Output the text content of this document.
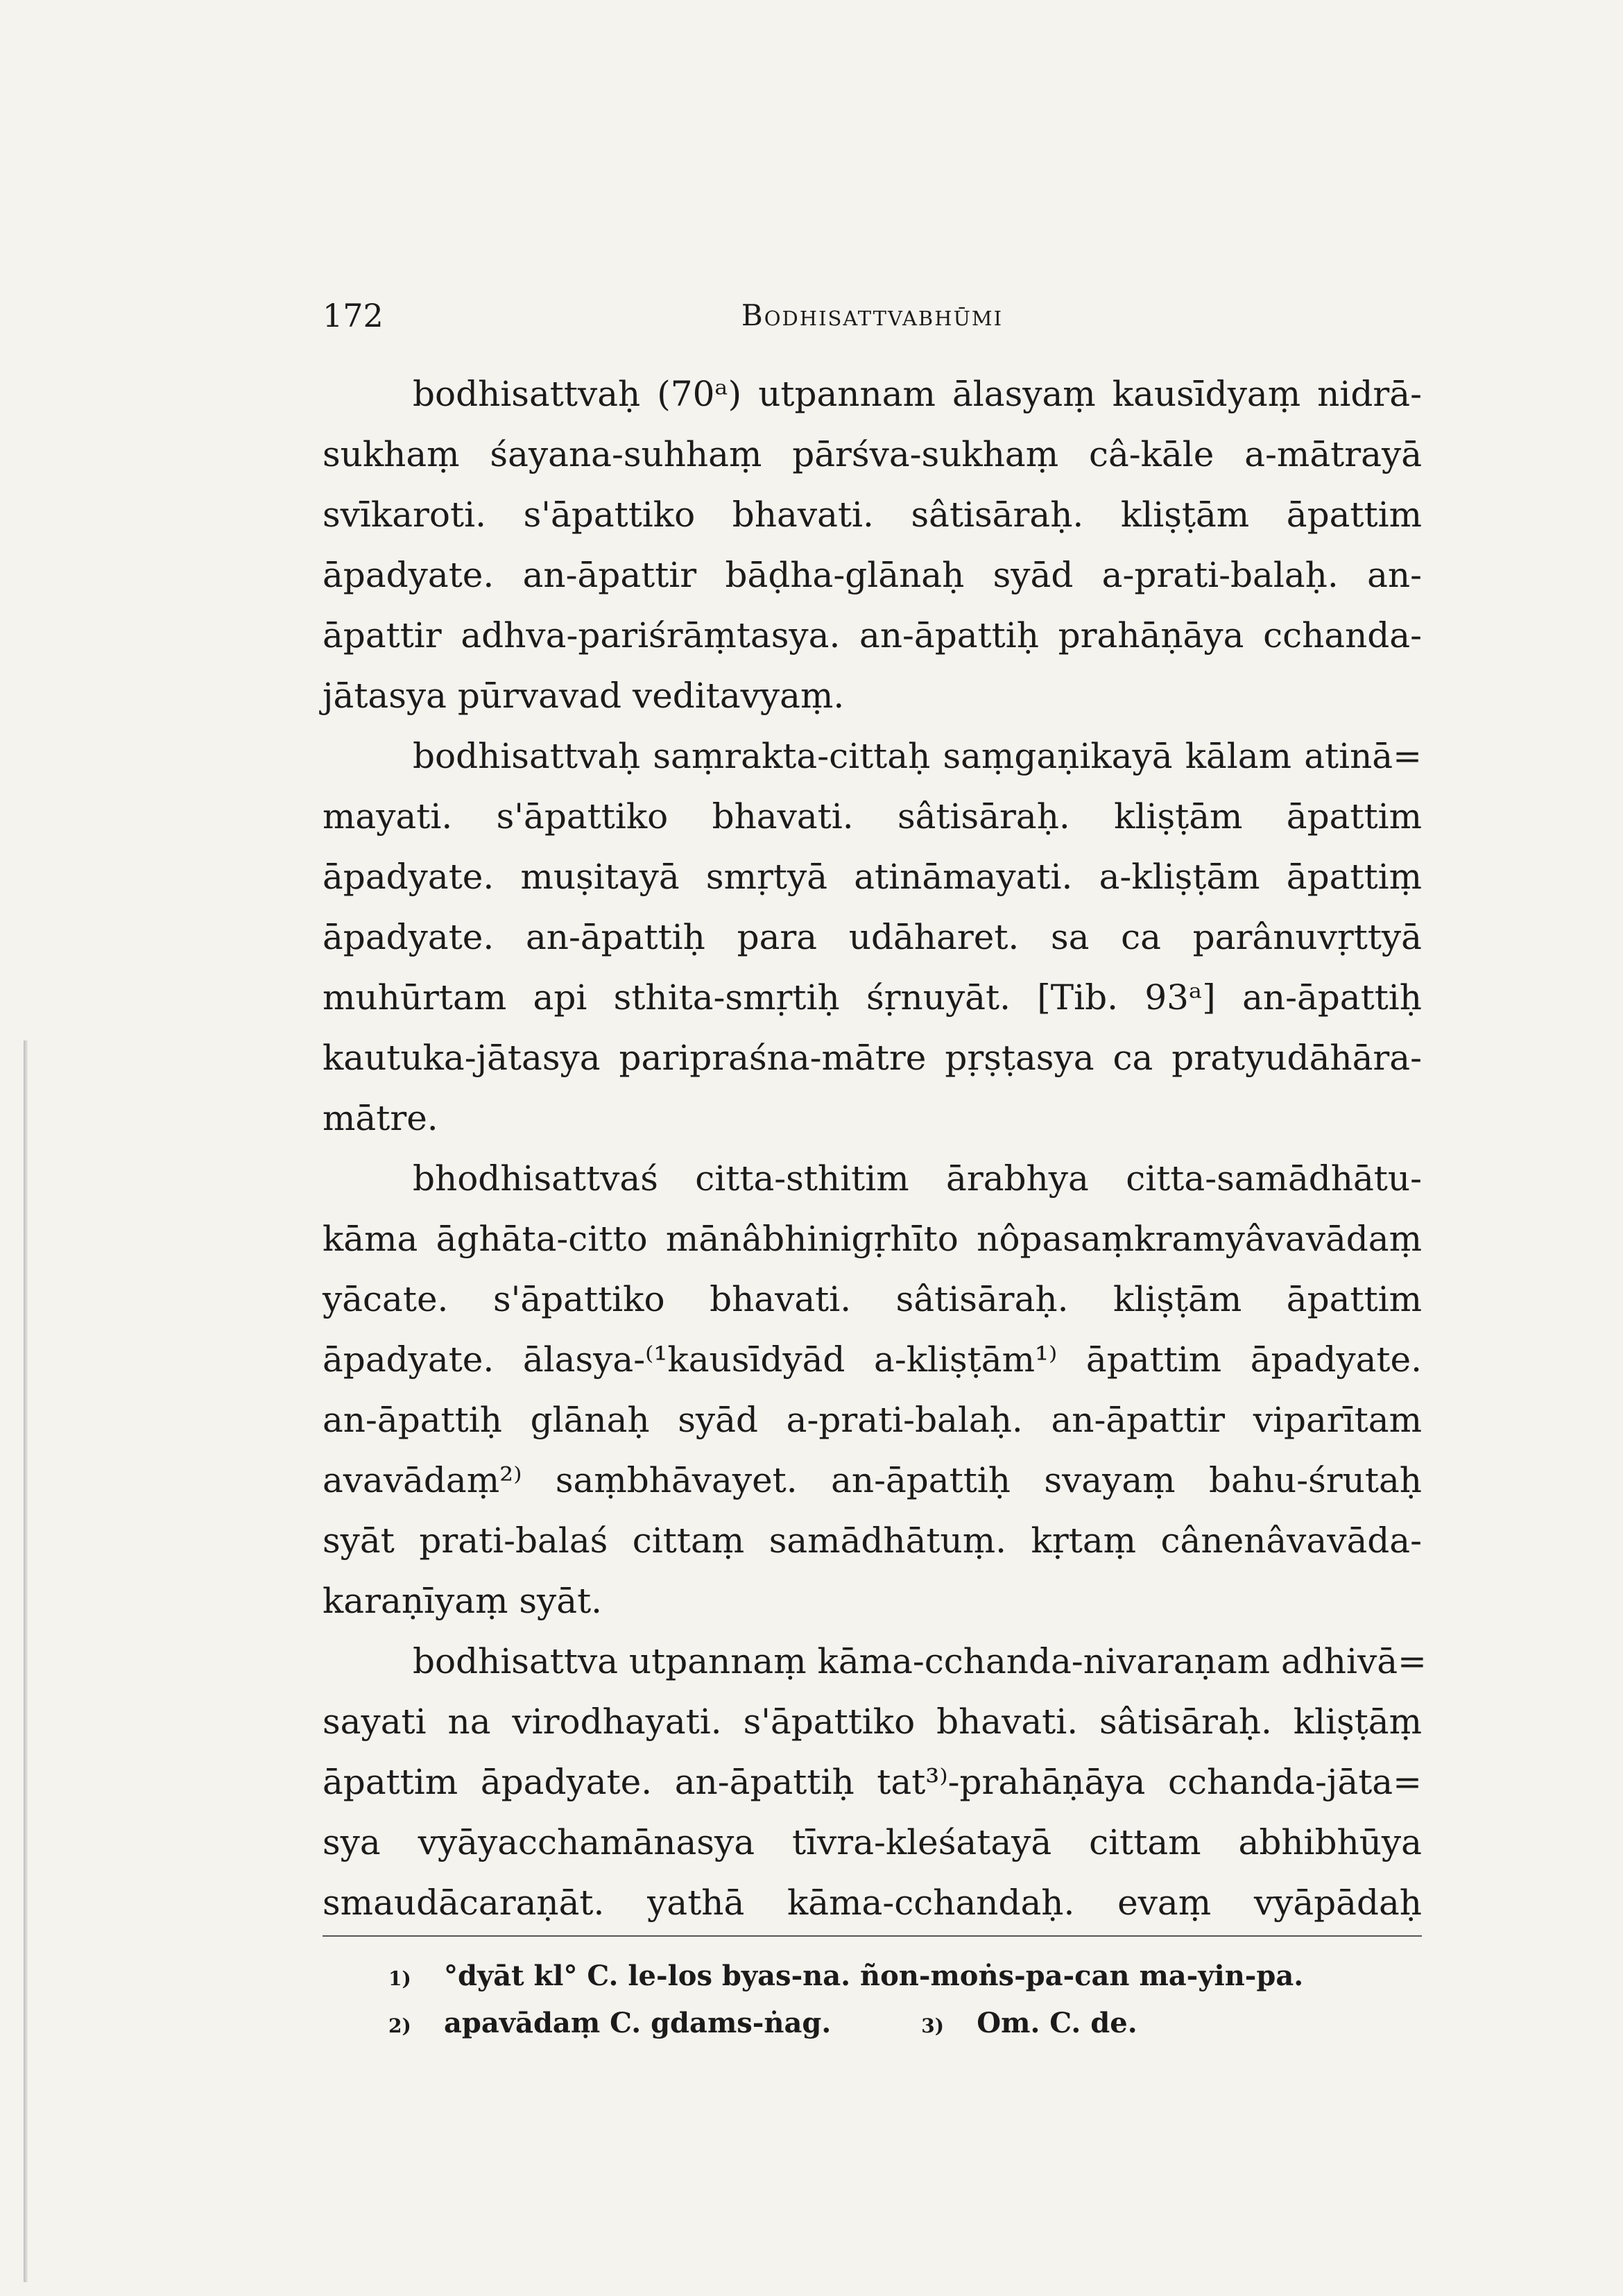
172	Bodhisattvabhūmi
bodhisattvaḥ (70ᵃ) utpannam ālasyaṃ kausīdyaṃ nidrā-
sukhaṃ śayana-suhhaṃ pārśva-sukhaṃ câ-kāle a-mātrayā
svīkaroti. s'āpattiko bhavati. sâtisāraḥ. kliṣṭām āpattim
āpadyate. an-āpattir bāḍha-glānaḥ syād a-prati-balaḥ. an-
āpattir adhva-pariśrāṃtasya. an-āpattiḥ prahāṇāya cchanda-
jātasya pūrvavad veditavyaṃ.
bodhisattvaḥ saṃrakta-cittaḥ saṃgaṇikayā kālam atinā=
mayati. s'āpattiko bhavati. sâtisāraḥ. kliṣṭām āpattim
āpadyate. muṣitayā smṛtyā atināmayati. a-kliṣṭām āpattiṃ
āpadyate. an-āpattiḥ para udāharet. sa ca parânuvṛttyā
muhūrtam api sthita-smṛtiḥ śṛnuyāt. [Tib. 93ᵃ] an-āpattiḥ
kautuka-jātasya paripraśna-mātre pṛṣṭasya ca pratyudāhāra-
mātre.
bhodhisattvaś citta-sthitim ārabhya citta-samādhātu-
kāma āghāta-citto mānâbhinigṛhīto nôpasaṃkramyâvavādaṃ
yācate. s'āpattiko bhavati. sâtisāraḥ. kliṣṭām āpattim
āpadyate. ālasya-⁽¹kausīdyād a-kliṣṭām¹⁾ āpattim āpadyate.
an-āpattiḥ glānaḥ syād a-prati-balaḥ. an-āpattir viparītam
avavādaṃ²⁾ saṃbhāvayet. an-āpattiḥ svayaṃ bahu-śrutaḥ
syāt prati-balaś cittaṃ samādhātuṃ. kṛtaṃ cânenâvavāda-
karaṇīyaṃ syāt.
bodhisattva utpannaṃ kāma-cchanda-nivaraṇam adhivā=
sayati na virodhayati. s'āpattiko bhavati. sâtisāraḥ. kliṣṭāṃ
āpattim āpadyate. an-āpattiḥ tat³⁾-prahāṇāya cchanda-jāta=
sya vyāyacchamānasya tīvra-kleśatayā cittam abhibhūya
smaudācaraṇāt. yathā kāma-cchandaḥ. evaṃ vyāpādaḥ
1) °dyāt kl° C. le-los byas-na. ñon-moṅs-pa-can ma-yin-pa.
2) apavādaṃ C. gdams-ṅag.	3) Om. C. de.
